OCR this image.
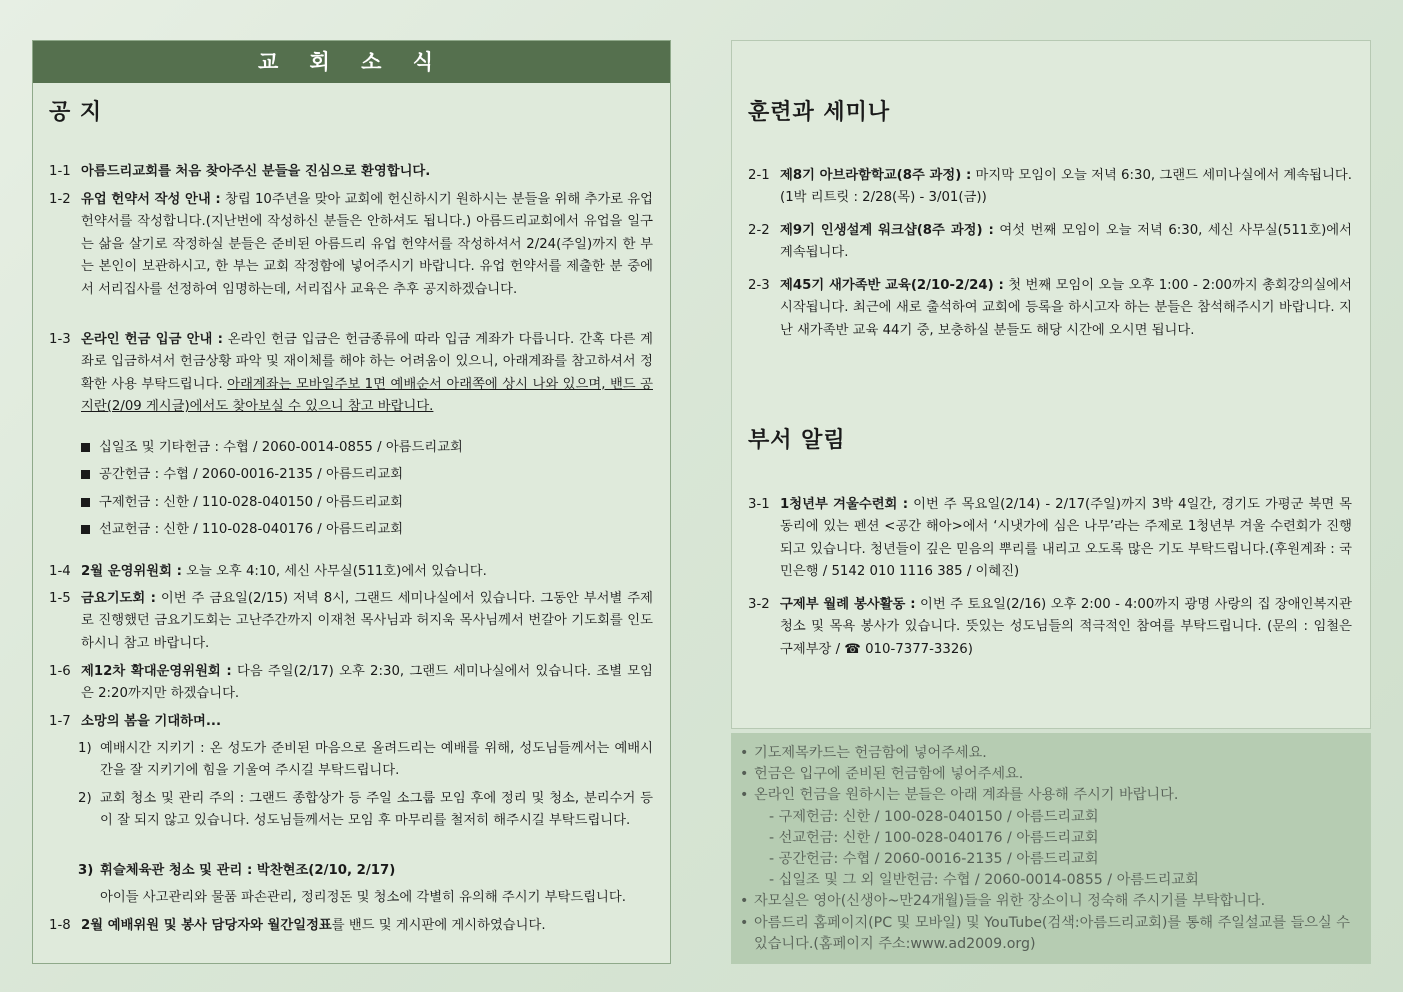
교 회 소 식
공 지
1-1 아름드리교회를 처음 찾아주신 분들을 진심으로 환영합니다.
1-2 유업 헌약서 작성 안내 : 창립 10주년을 맞아 교회에 헌신하시기 원하시는 분들을 위해 추가로 유업 헌약서를 작성합니다.(지난번에 작성하신 분들은 안하셔도 됩니다.) 아름드리교회에서 유업을 일구는 삶을 살기로 작정하실 분들은 준비된 아름드리 유업 헌약서를 작성하셔서 2/24(주일)까지 한 부는 본인이 보관하시고, 한 부는 교회 작정함에 넣어주시기 바랍니다. 유업 헌약서를 제출한 분 중에서 서리집사를 선정하여 임명하는데, 서리집사 교육은 추후 공지하겠습니다.
1-3 온라인 헌금 입금 안내 : 온라인 헌금 입금은 헌금종류에 따라 입금 계좌가 다릅니다. 간혹 다른 계좌로 입금하셔서 헌금상황 파악 및 재이체를 해야 하는 어려움이 있으니, 아래계좌를 참고하셔서 정확한 사용 부탁드립니다. 아래계좌는 모바일주보 1면 예배순서 아래쪽에 상시 나와 있으며, 밴드 공지란(2/09 게시글)에서도 찾아보실 수 있으니 참고 바랍니다.
십일조 및 기타헌금 : 수협 / 2060-0014-0855 / 아름드리교회
공간헌금 : 수협 / 2060-0016-2135 / 아름드리교회
구제헌금 : 신한 / 110-028-040150 / 아름드리교회
선교헌금 : 신한 / 110-028-040176 / 아름드리교회
1-4 2월 운영위원회 : 오늘 오후 4:10, 세신 사무실(511호)에서 있습니다.
1-5 금요기도회 : 이번 주 금요일(2/15) 저녁 8시, 그랜드 세미나실에서 있습니다. 그동안 부서별 주제로 진행했던 금요기도회는 고난주간까지 이재천 목사님과 허지욱 목사님께서 번갈아 기도회를 인도하시니 참고 바랍니다.
1-6 제12차 확대운영위원회 : 다음 주일(2/17) 오후 2:30, 그랜드 세미나실에서 있습니다. 조별 모임은 2:20까지만 하겠습니다.
1-7 소망의 봄을 기대하며...
1) 예배시간 지키기 : 온 성도가 준비된 마음으로 올려드리는 예배를 위해, 성도님들께서는 예배시간을 잘 지키기에 힘을 기울여 주시길 부탁드립니다.
2) 교회 청소 및 관리 주의 : 그랜드 종합상가 등 주일 소그룹 모임 후에 정리 및 청소, 분리수거 등이 잘 되지 않고 있습니다. 성도님들께서는 모임 후 마무리를 철저히 해주시길 부탁드립니다.
3) 휘슬체육관 청소 및 관리 : 박찬현조(2/10, 2/17)
아이들 사고관리와 물품 파손관리, 정리정돈 및 청소에 각별히 유의해 주시기 부탁드립니다.
1-8 2월 예배위원 및 봉사 담당자와 월간일정표를 밴드 및 게시판에 게시하였습니다.
훈련과 세미나
2-1 제8기 아브라함학교(8주 과정) : 마지막 모임이 오늘 저녁 6:30, 그랜드 세미나실에서 계속됩니다.(1박 리트릿 : 2/28(목) - 3/01(금))
2-2 제9기 인생설계 워크샵(8주 과정) : 여섯 번째 모임이 오늘 저녁 6:30, 세신 사무실(511호)에서 계속됩니다.
2-3 제45기 새가족반 교육(2/10-2/24) : 첫 번째 모임이 오늘 오후 1:00 - 2:00까지 총회강의실에서 시작됩니다. 최근에 새로 출석하여 교회에 등록을 하시고자 하는 분들은 참석해주시기 바랍니다. 지난 새가족반 교육 44기 중, 보충하실 분들도 해당 시간에 오시면 됩니다.
부서 알림
3-1 1청년부 겨울수련회 : 이번 주 목요일(2/14) - 2/17(주일)까지 3박 4일간, 경기도 가평군 북면 목동리에 있는 펜션 <공간 해아>에서 ‘시냇가에 심은 나무’라는 주제로 1청년부 겨울 수련회가 진행되고 있습니다. 청년들이 깊은 믿음의 뿌리를 내리고 오도록 많은 기도 부탁드립니다.(후원계좌 : 국민은행 / 5142 010 1116 385 / 이혜진)
3-2 구제부 월례 봉사활동 : 이번 주 토요일(2/16) 오후 2:00 - 4:00까지 광명 사랑의 집 장애인복지관 청소 및 목욕 봉사가 있습니다. 뜻있는 성도님들의 적극적인 참여를 부탁드립니다. (문의 : 임철은 구제부장 / ☎ 010-7377-3326)
• 기도제목카드는 헌금함에 넣어주세요.
• 헌금은 입구에 준비된 헌금함에 넣어주세요.
• 온라인 헌금을 원하시는 분들은 아래 계좌를 사용해 주시기 바랍니다.
- 구제헌금: 신한 / 100-028-040150 / 아름드리교회
- 선교헌금: 신한 / 100-028-040176 / 아름드리교회
- 공간헌금: 수협 / 2060-0016-2135 / 아름드리교회
- 십일조 및 그 외 일반헌금: 수협 / 2060-0014-0855 / 아름드리교회
• 자모실은 영아(신생아~만24개월)들을 위한 장소이니 정숙해 주시기를 부탁합니다.
• 아름드리 홈페이지(PC 및 모바일) 및 YouTube(검색:아름드리교회)를 통해 주일설교를 들으실 수 있습니다.(홈페이지 주소:www.ad2009.org)
